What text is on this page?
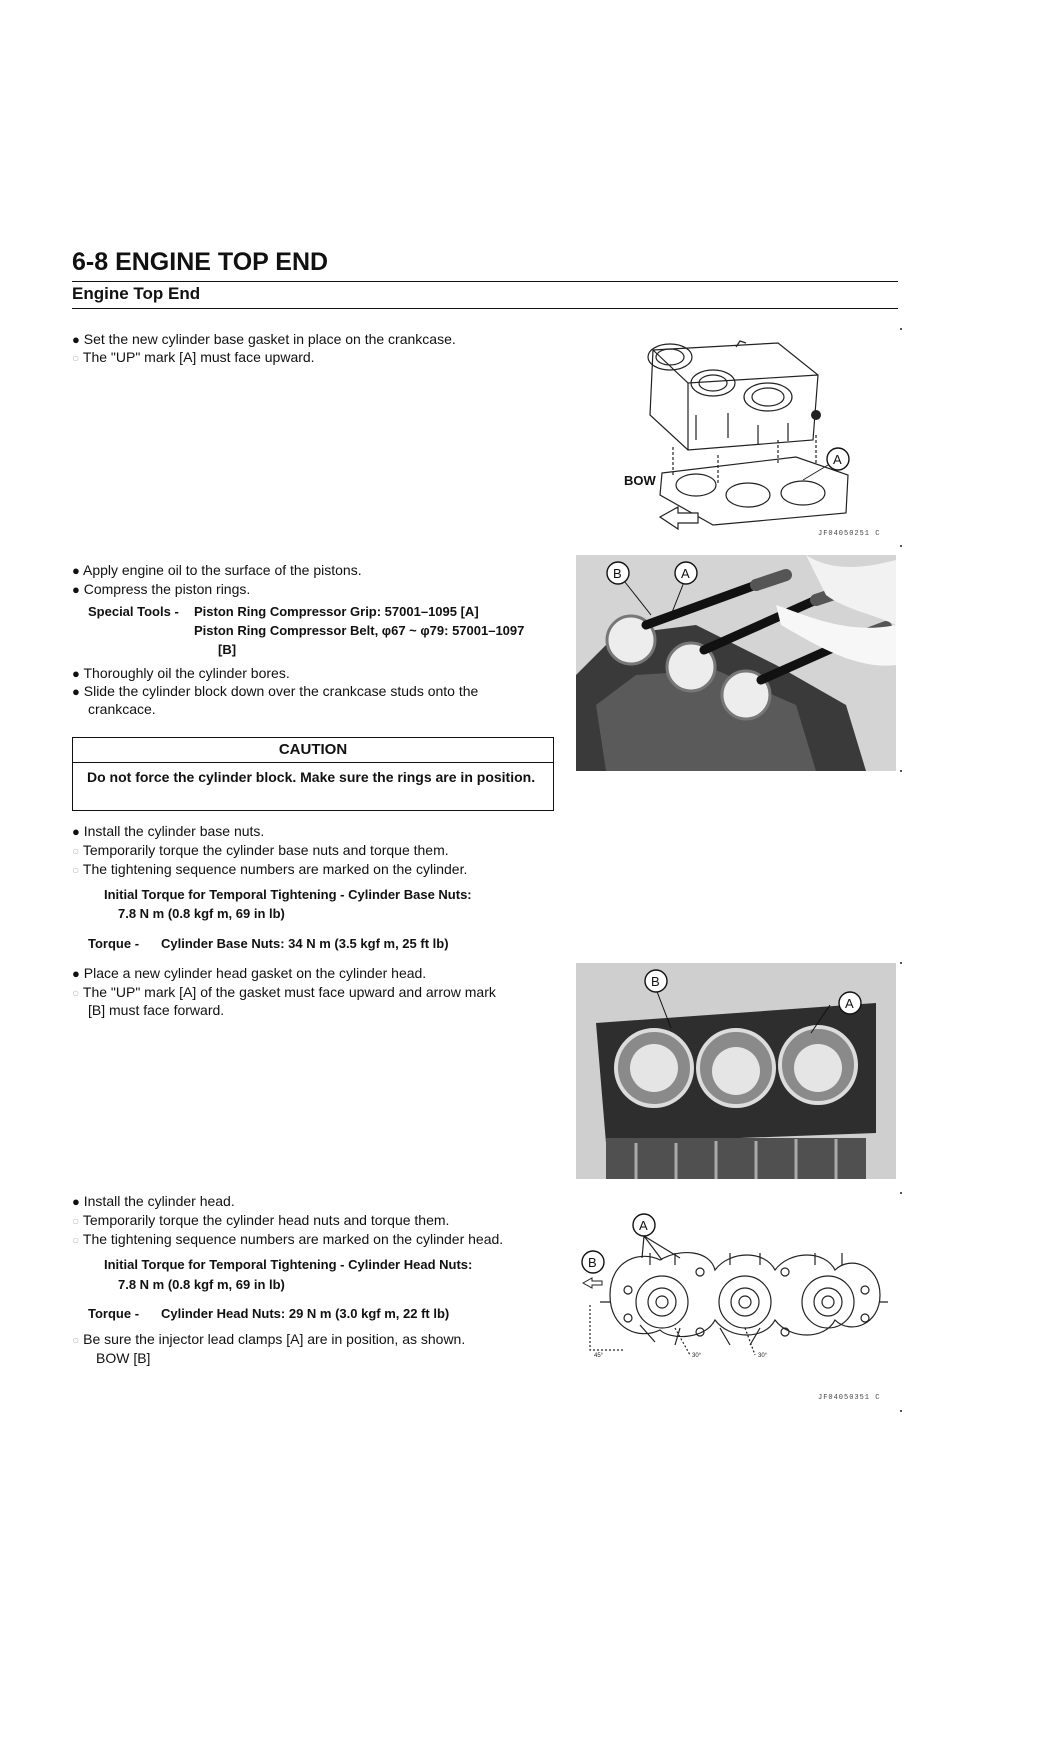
6-8 ENGINE TOP END
Engine Top End
● Set the new cylinder base gasket in place on the crankcase.
○ The "UP" mark [A] must face upward.
BOW
A
JF04050251 C
● Apply engine oil to the surface of the pistons.
● Compress the piston rings.
Special Tools - Piston Ring Compressor Grip: 57001–1095 [A]
Piston Ring Compressor Belt, φ67 ~ φ79: 57001–1097
[B]
● Thoroughly oil the cylinder bores.
● Slide the cylinder block down over the crankcase studs onto the
crankcace.
CAUTION
Do not force the cylinder block. Make sure the rings are in position.
B	A
● Install the cylinder base nuts.
○ Temporarily torque the cylinder base nuts and torque them.
○ The tightening sequence numbers are marked on the cylinder.
Initial Torque for Temporal Tightening - Cylinder Base Nuts:
7.8 N m (0.8 kgf m, 69 in lb)
Torque - Cylinder Base Nuts: 34 N m (3.5 kgf m, 25 ft lb)
● Place a new cylinder head gasket on the cylinder head.
○ The "UP" mark [A] of the gasket must face upward and arrow mark
[B] must face forward.
B
A
● Install the cylinder head.
○ Temporarily torque the cylinder head nuts and torque them.
○ The tightening sequence numbers are marked on the cylinder head.
Initial Torque for Temporal Tightening - Cylinder Head Nuts:
7.8 N m (0.8 kgf m, 69 in lb)
Torque - Cylinder Head Nuts: 29 N m (3.0 kgf m, 22 ft lb)
○ Be sure the injector lead clamps [A] are in position, as shown.
BOW [B]
A
B
45°	30°	30°
JF04050351 C
